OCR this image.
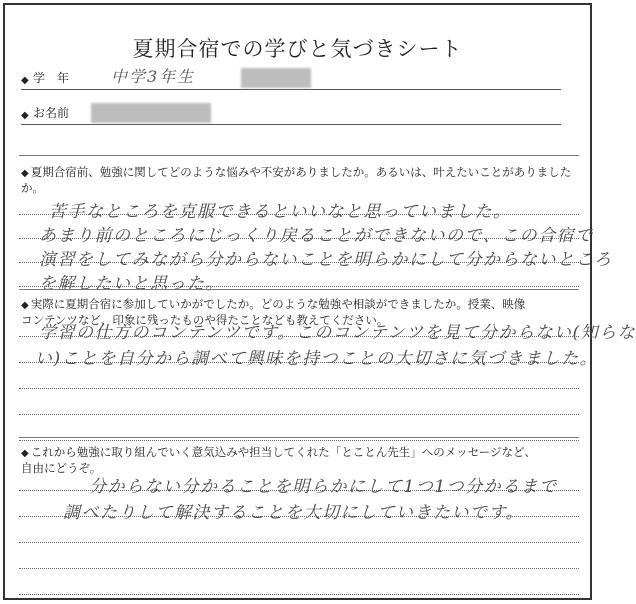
夏期合宿での学びと気づきシート
◆ 学　年	中学3年生
◆ お名前
◆ 夏期合宿前、勉強に関してどのような悩みや不安がありましたか。あるいは、叶えたいことがありましたか。
苦手なところを克服できるといいなと思っていました。
あまり前のところにじっくり戻ることができないので、この合宿で
演習をしてみながら分からないことを明らかにして分からないところ
を解したいと思った。
◆ 実際に夏期合宿に参加していかがでしたか。どのような勉強や相談ができましたか。授業、映像
コンテンツなど、印象に残ったものや得たことなども教えてください。
学習の仕方のコンテンツです。このコンテンツを見て分からない(知らな
い)ことを自分から調べて興味を持つことの大切さに気づきました。
◆ これから勉強に取り組んでいく意気込みや担当してくれた「とことん先生」へのメッセージなど、
自由にどうぞ。
分からない分かることを明らかにして1つ1つ分かるまで
調べたりして解決することを大切にしていきたいです。
